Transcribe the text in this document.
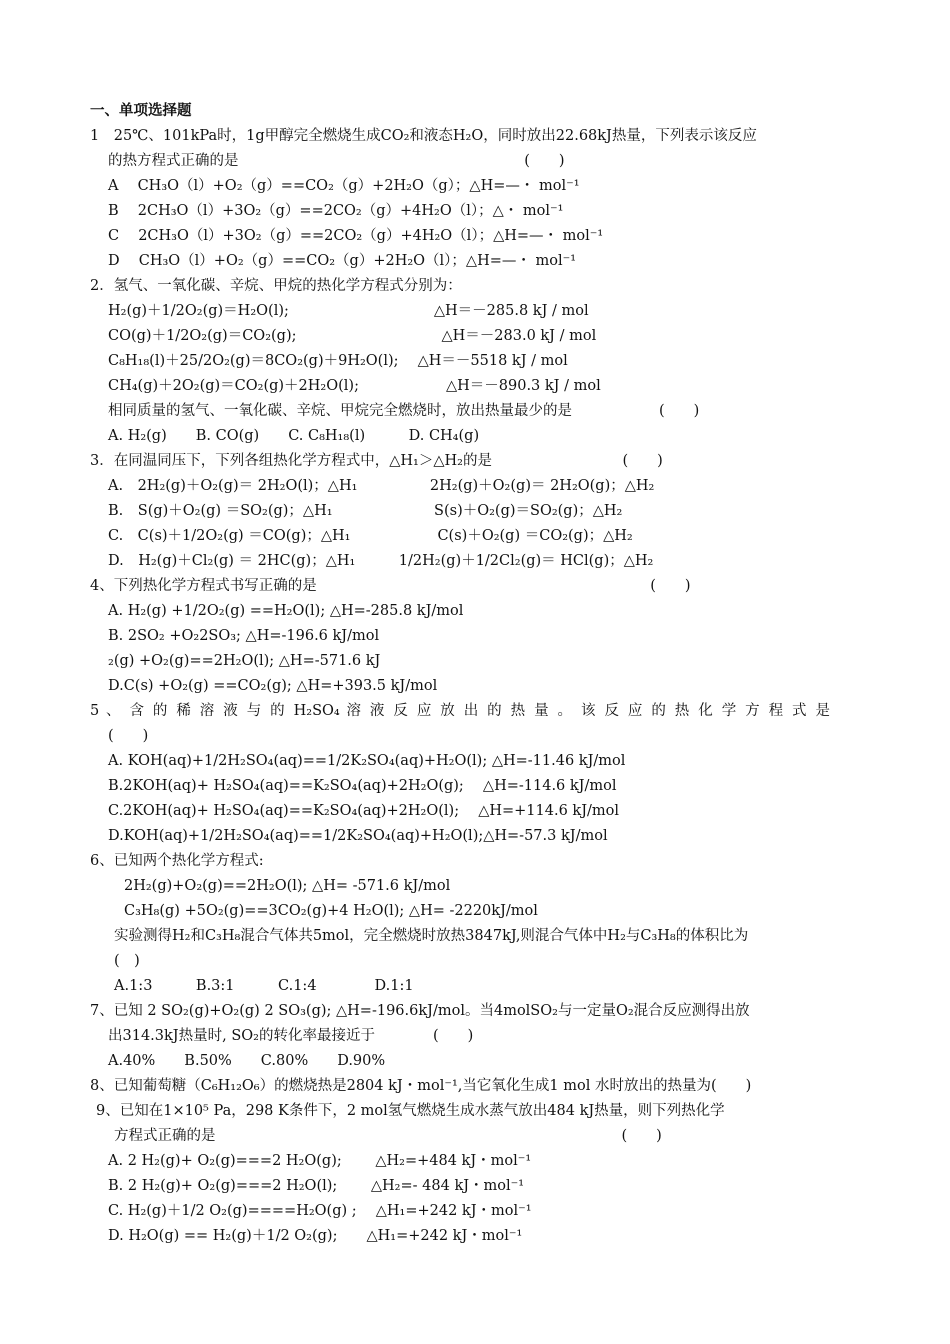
一、单项选择题
1　25℃、101kPa时，1g甲醇完全燃烧生成CO₂和液态H₂O，同时放出22.68kJ热量，下列表示该反应
的热方程式正确的是                                                              (　　)
A　 CH₃O（l）+O₂（g）==CO₂（g）+2H₂O（g）；△H=—・ mol⁻¹
B　 2CH₃O（l）+3O₂（g）==2CO₂（g）+4H₂O（l）；△・ mol⁻¹
C　 2CH₃O（l）+3O₂（g）==2CO₂（g）+4H₂O（l）；△H=—・ mol⁻¹
D　 CH₃O（l）+O₂（g）==CO₂（g）+2H₂O（l）；△H=—・ mol⁻¹
2．氢气、一氧化碳、辛烷、甲烷的热化学方程式分别为：
H₂(g)＋1/2O₂(g)＝H₂O(l);　　　　　　　　　　△H＝－285.8 kJ / mol
CO(g)＋1/2O₂(g)＝CO₂(g);　　　　　　　　　　△H＝－283.0 kJ / mol
C₈H₁₈(l)＋25/2O₂(g)＝8CO₂(g)＋9H₂O(l);　 △H＝－5518 kJ / mol
CH₄(g)＋2O₂(g)＝CO₂(g)＋2H₂O(l);　　　　　　△H＝－890.3 kJ / mol
相同质量的氢气、一氧化碳、辛烷、甲烷完全燃烧时，放出热量最少的是　　　　　　(　　)
A. H₂(g)　　B. CO(g)　　C. C₈H₁₈(l)　　　D. CH₄(g)
3．在同温同压下，下列各组热化学方程式中，△H₁＞△H₂的是　　　　　　　　　(　　)
A.　2H₂(g)＋O₂(g)＝ 2H₂O(l)；△H₁　　　　　2H₂(g)＋O₂(g)＝ 2H₂O(g)；△H₂
B.　S(g)＋O₂(g) ＝SO₂(g)；△H₁　　　　　　　S(s)＋O₂(g)＝SO₂(g)；△H₂
C.　C(s)＋1/2O₂(g) ＝CO(g)；△H₁　　　　　　C(s)＋O₂(g) ＝CO₂(g)；△H₂
D.　H₂(g)＋Cl₂(g) ＝ 2HC(g)；△H₁　　　1/2H₂(g)＋1/2Cl₂(g)＝ HCl(g)；△H₂
4、下列热化学方程式书写正确的是　　　　　　　　　　　　　　　　　　　　　　　(　　)
A. H₂(g) +1/2O₂(g) ==H₂O(l); △H=-285.8 kJ/mol
B. 2SO₂ +O₂2SO₃; △H=-196.6 kJ/mol
₂(g) +O₂(g)==2H₂O(l); △H=-571.6 kJ
D.C(s) +O₂(g) ==CO₂(g); △H=+393.5 kJ/mol
5 、 含 的 稀 溶 液 与 的 H₂SO₄ 溶 液 反 应 放 出 的 热 量 。 该 反 应 的 热 化 学 方 程 式 是
(　　)
A. KOH(aq)+1/2H₂SO₄(aq)==1/2K₂SO₄(aq)+H₂O(l); △H=-11.46 kJ/mol
B.2KOH(aq)+ H₂SO₄(aq)==K₂SO₄(aq)+2H₂O(g);　 △H=-114.6 kJ/mol
C.2KOH(aq)+ H₂SO₄(aq)==K₂SO₄(aq)+2H₂O(l);　 △H=+114.6 kJ/mol
D.KOH(aq)+1/2H₂SO₄(aq)==1/2K₂SO₄(aq)+H₂O(l);△H=-57.3 kJ/mol
6、已知两个热化学方程式:
2H₂(g)+O₂(g)==2H₂O(l); △H= -571.6 kJ/mol
C₃H₈(g) +5O₂(g)==3CO₂(g)+4 H₂O(l); △H= -2220kJ/mol
实验测得H₂和C₃H₈混合气体共5mol，完全燃烧时放热3847kJ,则混合气体中H₂与C₃H₈的体积比为
(　)
A.1:3　　　B.3:1　　　C.1:4　　　　D.1:1
7、已知 2 SO₂(g)+O₂(g) 2 SO₃(g); △H=-196.6kJ/mol。当4molSO₂与一定量O₂混合反应测得出放
出314.3kJ热量时, SO₂的转化率最接近于　　　　(　　)
A.40%　　B.50%　　C.80%　　D.90%
8、已知葡萄糖（C₆H₁₂O₆）的燃烧热是2804 kJ・mol⁻¹,当它氧化生成1 mol 水时放出的热量为(　　)
9、已知在1×10⁵ Pa，298 K条件下，2 mol氢气燃烧生成水蒸气放出484 kJ热量，则下列热化学
方程式正确的是　　　　　　　　　　　　　　　　　　　　　　　　　　　　(　　)
A. 2 H₂(g)+ O₂(g)===2 H₂O(g);　　 △H₂=+484 kJ・mol⁻¹
B. 2 H₂(g)+ O₂(g)===2 H₂O(l);　　 △H₂=- 484 kJ・mol⁻¹
C. H₂(g)＋1/2 O₂(g)====H₂O(g) ;　 △H₁=+242 kJ・mol⁻¹
D. H₂O(g) == H₂(g)＋1/2 O₂(g);　　△H₁=+242 kJ・mol⁻¹
